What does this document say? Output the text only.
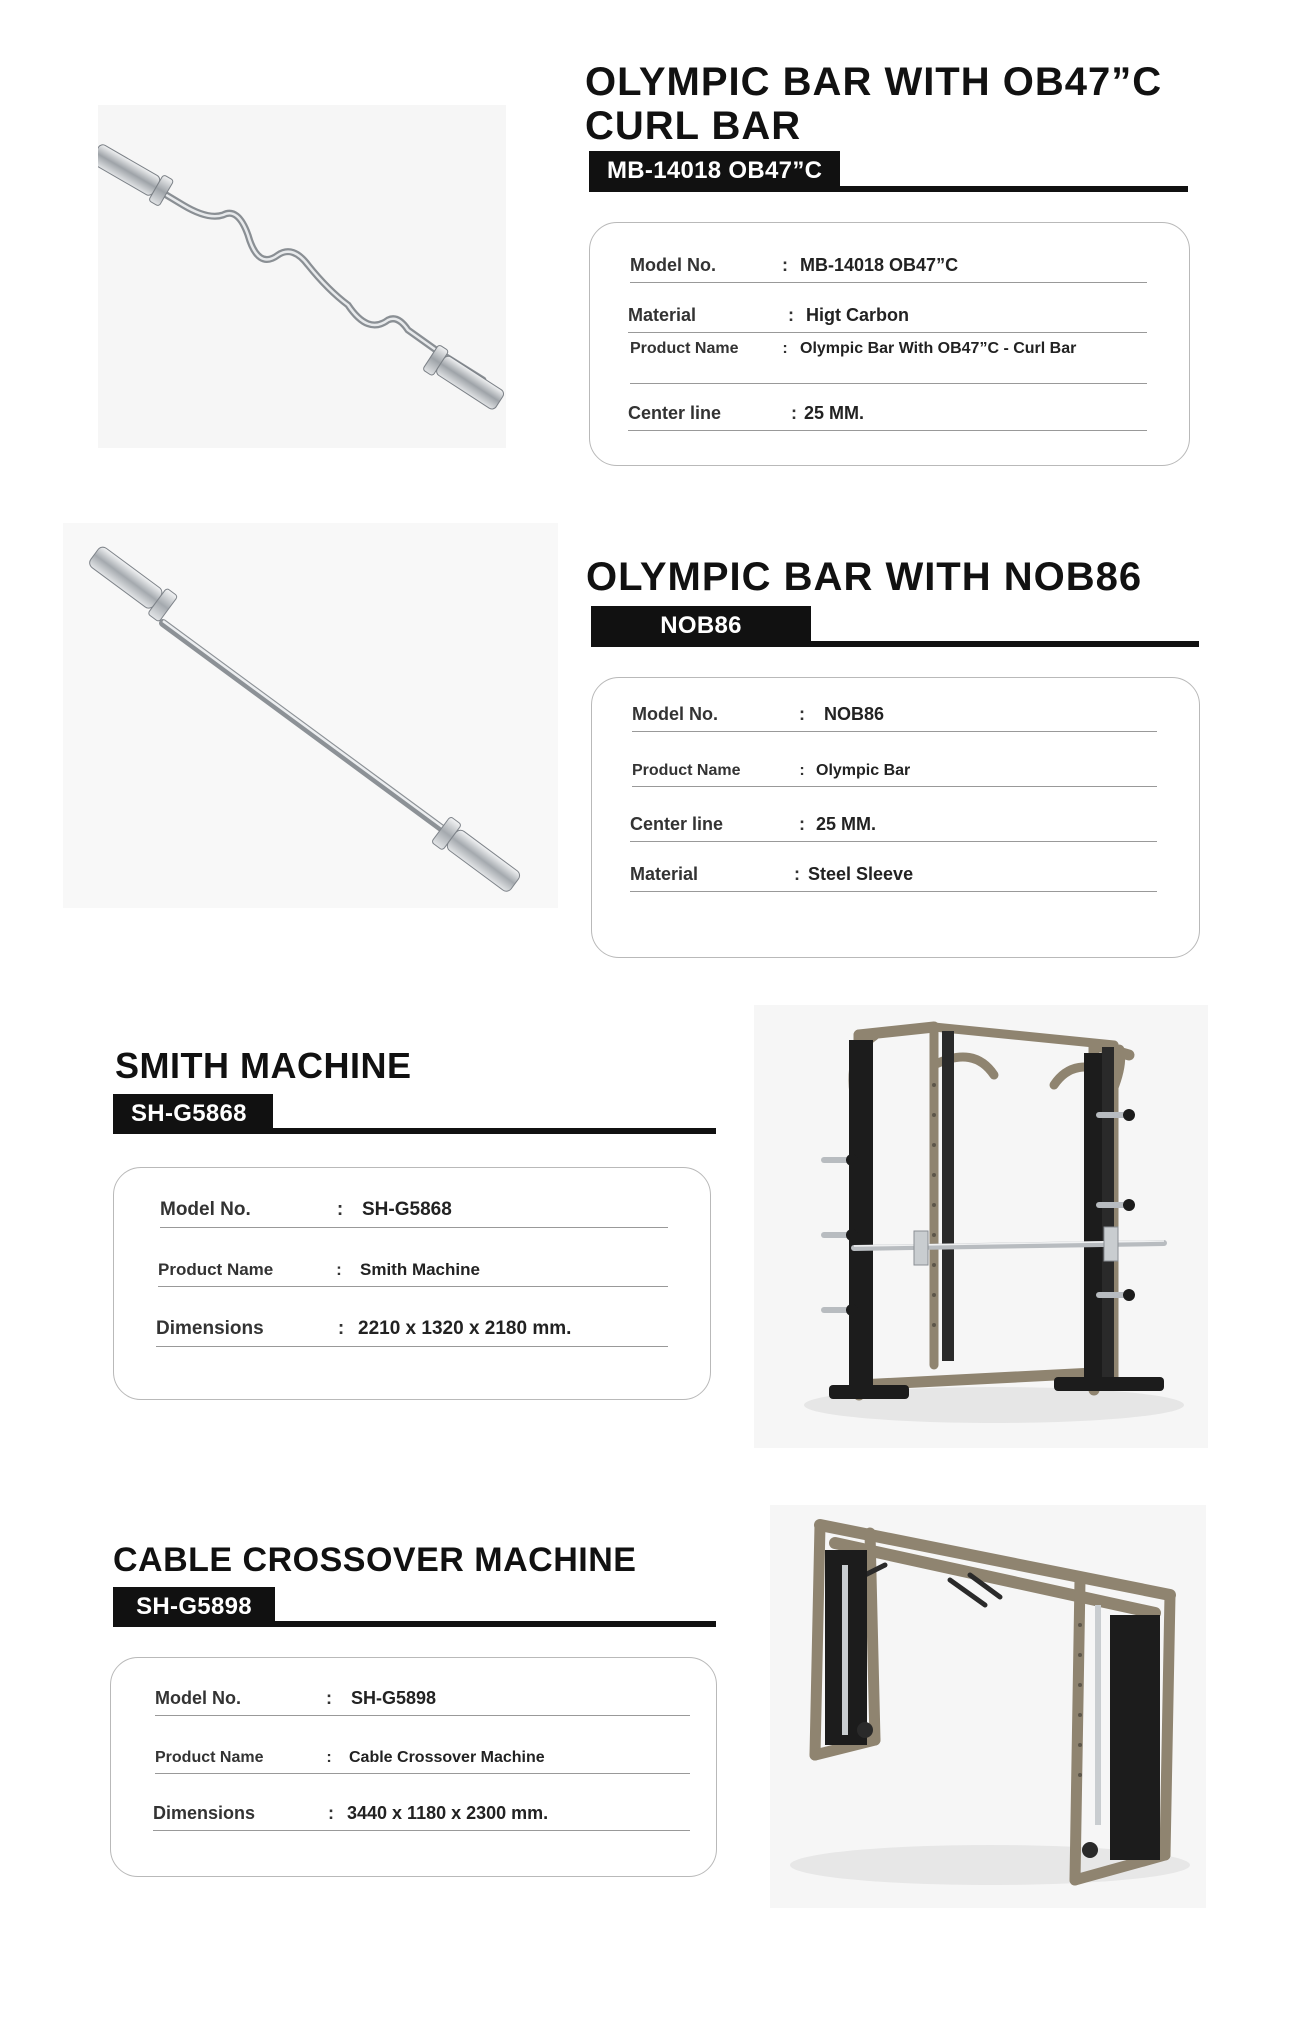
OLYMPIC BAR WITH OB47”C
CURL BAR
MB-14018 OB47”C
Model No.	: MB-14018 OB47”C
Material	: Higt Carbon
Product Name	: Olympic Bar With OB47”C - Curl Bar
Center line	: 25 MM.
OLYMPIC BAR WITH NOB86
NOB86
Model No.	:	NOB86
Product Name	: Olympic Bar
Center line	: 25 MM.
Material	: Steel Sleeve
SMITH MACHINE
SH-G5868
Model No.	: SH-G5868
Product Name	:	Smith Machine
Dimensions	: 2210 x 1320 x 2180 mm.
CABLE CROSSOVER MACHINE
SH-G5898
Model No.	:	SH-G5898
Product Name	:	Cable Crossover Machine
Dimensions	: 3440 x 1180 x 2300 mm.
